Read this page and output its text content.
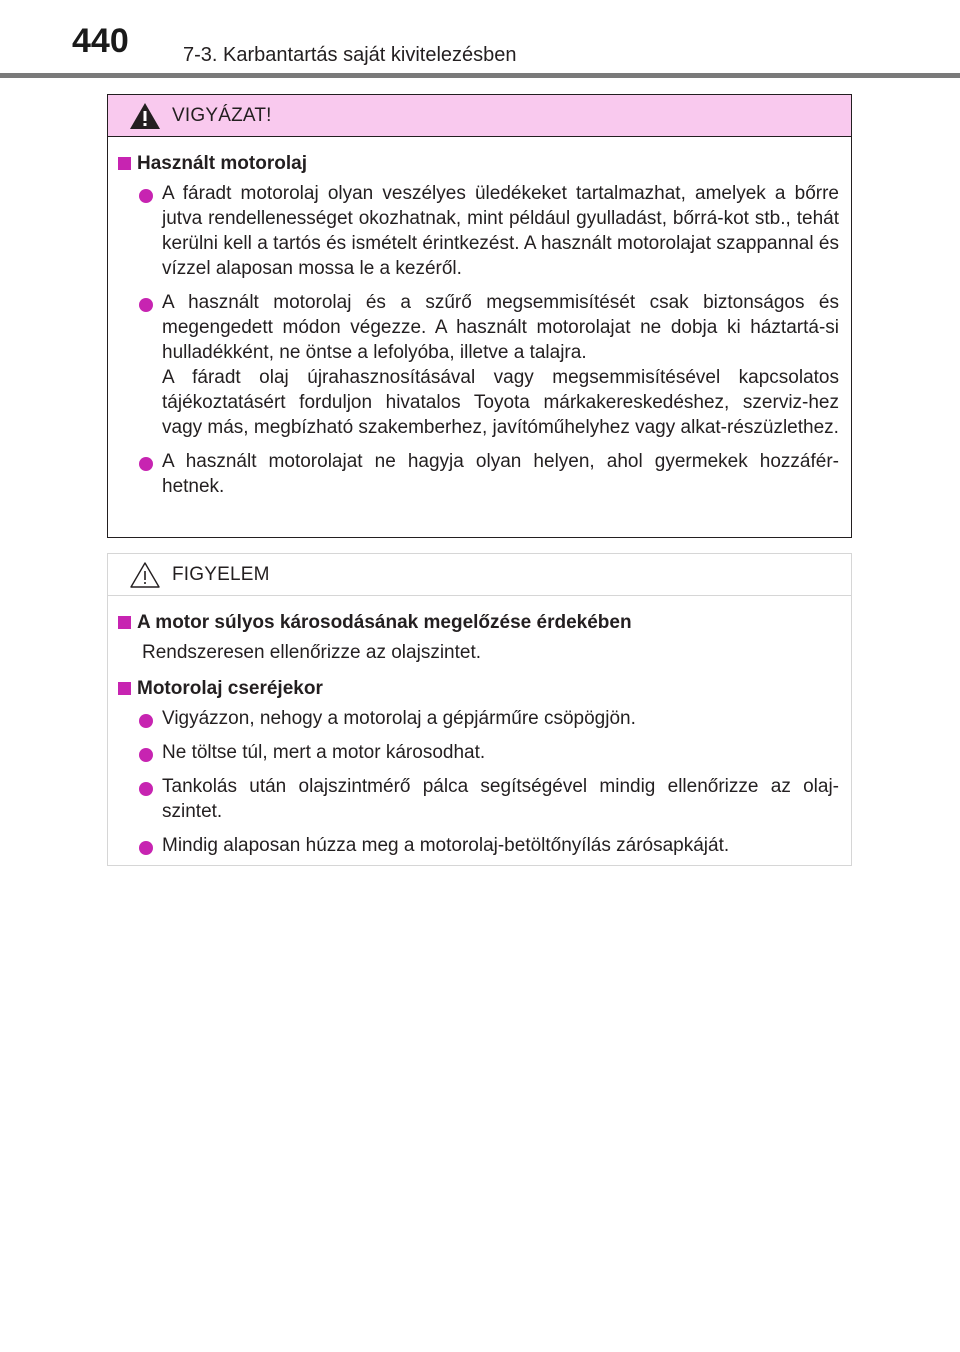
440	7-3. Karbantartás saját kivitelezésben
VIGYÁZAT!
Használt motorolaj

A fáradt motorolaj olyan veszélyes üledékeket tartalmazhat, amelyek a bőrre jutva rendellenességet okozhatnak, mint például gyulladást, bőrrá-kot stb., tehát kerülni kell a tartós és ismételt érintkezést. A használt motorolajat szappannal és vízzel alaposan mossa le a kezéről.

A használt motorolaj és a szűrő megsemmisítését csak biztonságos és megengedett módon végezze. A használt motorolajat ne dobja ki háztartá-si hulladékként, ne öntse a lefolyóba, illetve a talajra.

A fáradt olaj újrahasznosításával vagy megsemmisítésével kapcsolatos tájékoztatásért forduljon hivatalos Toyota márkakereskedéshez, szerviz-hez vagy más, megbízható szakemberhez, javítóműhelyhez vagy alkat-részüzlethez.

A használt motorolajat ne hagyja olyan helyen, ahol gyermekek hozzáfér-hetnek.

FIGYELEM
A motor súlyos károsodásának megelőzése érdekében
Rendszeresen ellenőrizze az olajszintet.
Motorolaj cseréjekor

Vigyázzon, nehogy a motorolaj a gépjárműre csöpögjön.

Ne töltse túl, mert a motor károsodhat.

Tankolás után olajszintmérő pálca segítségével mindig ellenőrizze az olaj-szintet.

Mindig alaposan húzza meg a motorolaj-betöltőnyílás zárósapkáját.
